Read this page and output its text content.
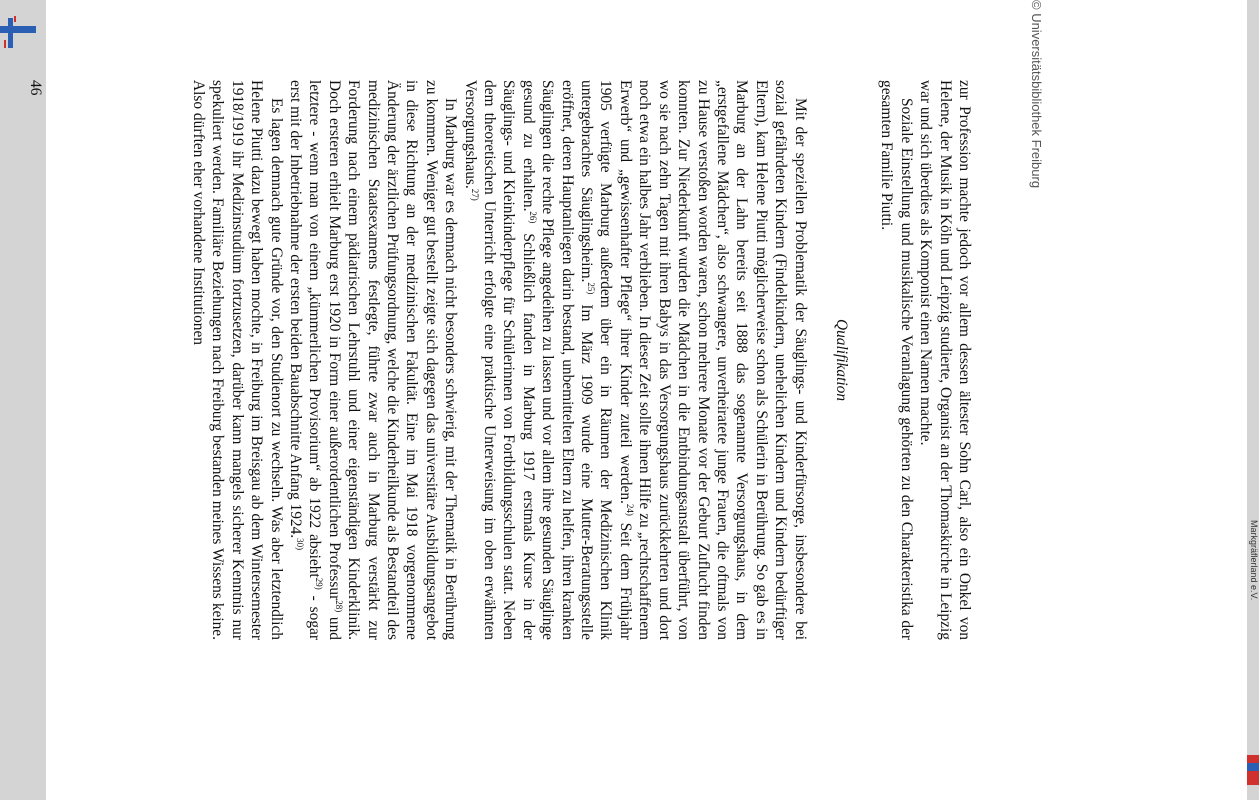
© Universitätsbibliothek Freiburg

zur Profession machte jedoch vor allem dessen ältester Sohn Carl, also ein Onkel von Helene, der Musik in Köln und Leipzig studierte, Organist an der Thomaskirche in Leipzig war und sich überdies als Komponist einen Namen machte.

Soziale Einstellung und musikalische Veranlagung gehörten zu den Charakteristika der gesamten Familie Piutti.

Qualifikation

Mit der speziellen Problematik der Säuglings- und Kinderfürsorge, insbesondere bei sozial gefährdeten Kindern (Findelkindern, unehelichen Kindern und Kindern bedürftiger Eltern), kam Helene Piutti möglicherweise schon als Schülerin in Berührung. So gab es in Marburg an der Lahn bereits seit 1888 das sogenannte Versorgungshaus, in dem „erstgefallene Mädchen“, also schwangere, unverheiratete junge Frauen, die oftmals von zu Hause verstoßen worden waren, schon mehrere Monate vor der Geburt Zuflucht finden konnten. Zur Niederkunft wurden die Mädchen in die Entbindungsanstalt überführt, von wo sie nach zehn Tagen mit ihren Babys in das Versorgungshaus zurückkehrten und dort noch etwa ein halbes Jahr verblieben. In dieser Zeit sollte ihnen Hilfe zu „rechtschaffenem Erwerb“ und „gewissenhafter Pflege“ ihrer Kinder zuteil werden.$^{24)}$ Seit dem Frühjahr 1905 verfügte Marburg außerdem über ein in Räumen der Medizinischen Klinik untergebrachtes Säuglingsheim.$^{25)}$ Im März 1909 wurde eine Mutter-Beratungsstelle eröffnet, deren Hauptanliegen darin bestand, unbemittelten Eltern zu helfen, ihren kranken Säuglingen die rechte Pflege angedeihen zu lassen und vor allem ihre gesunden Säuglinge gesund zu erhalten.$^{26)}$ Schließlich fanden in Marburg 1917 erstmals Kurse in der Säuglings- und Kleinkinderpflege für Schülerinnen von Fortbildungsschulen statt. Neben dem theoretischen Unterricht erfolgte eine praktische Unterweisung im oben erwähnten Versorgungshaus.$^{27)}$

In Marburg war es demnach nicht besonders schwierig, mit der Thematik in Berührung zu kommen. Weniger gut bestellt zeigte sich dagegen das universitäre Ausbildungsangebot in diese Richtung an der medizinischen Fakultät. Eine im Mai 1918 vorgenommene Änderung der ärztlichen Prüfungsordnung, welche die Kinderheilkunde als Bestandteil des medizinischen Staatsexamens festlegte, führte zwar auch in Marburg verstärkt zur Forderung nach einem pädiatrischen Lehrstuhl und einer eigenständigen Kinderklinik. Doch ersteren erhielt Marburg erst 1920 in Form einer außerordentlichen Professur$^{28)}$ und letztere - wenn man von einem „kümmerlichen Provisorium“ ab 1922 absieht$^{29)}$ - sogar erst mit der Inbetriebnahme der ersten beiden Bauabschnitte Anfang 1924.$^{30)}$

Es lagen demnach gute Gründe vor, den Studienort zu wechseln. Was aber letztendlich Helene Piutti dazu bewegt haben mochte, in Freiburg im Breisgau ab dem Wintersemester 1918/1919 ihr Medizinstudium fortzusetzen, darüber kann mangels sicherer Kenntnis nur spekuliert werden. Familiäre Beziehungen nach Freiburg bestanden meines Wissens keine. Also dürften eher vorhandene Institutionen

46
Markgräflerland e.V.
